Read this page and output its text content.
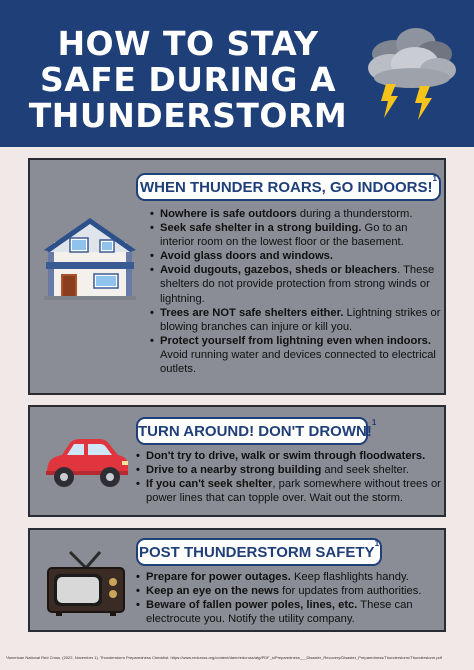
HOW TO STAY
SAFE DURING A
THUNDERSTORM
WHEN THUNDER ROARS, GO INDOORS!$^1$
• Nowhere is safe outdoors during a thunderstorm.
• Seek safe shelter in a strong building. Go to an interior room on the lowest floor or the basement.
• Avoid glass doors and windows.
• Avoid dugouts, gazebos, sheds or bleachers. These shelters do not provide protection from strong winds or lightning.
• Trees are NOT safe shelters either. Lightning strikes or blowing branches can injure or kill you.
• Protect yourself from lightning even when indoors. Avoid running water and devices connected to electrical outlets.
TURN AROUND! DON'T DROWN!$^1$
• Don't try to drive, walk or swim through floodwaters.
• Drive to a nearby strong building and seek shelter.
• If you can't seek shelter, park somewhere without trees or power lines that can topple over. Wait out the storm.
POST THUNDERSTORM SAFETY$^1$
• Prepare for power outages. Keep flashlights handy.
• Keep an eye on the news for updates from authorities.
• Beware of fallen power poles, lines, etc. These can electrocute you. Notify the utility company.
¹American National Red Cross. (2022, November 1). Thunderstorm Preparedness Checklist. https://www.redcross.org/content/dam/redcross/atg/PDF_s/Preparedness___Disaster_Recovery/Disaster_Preparedness/Thunderstorm/Thunderstorm.pdf
